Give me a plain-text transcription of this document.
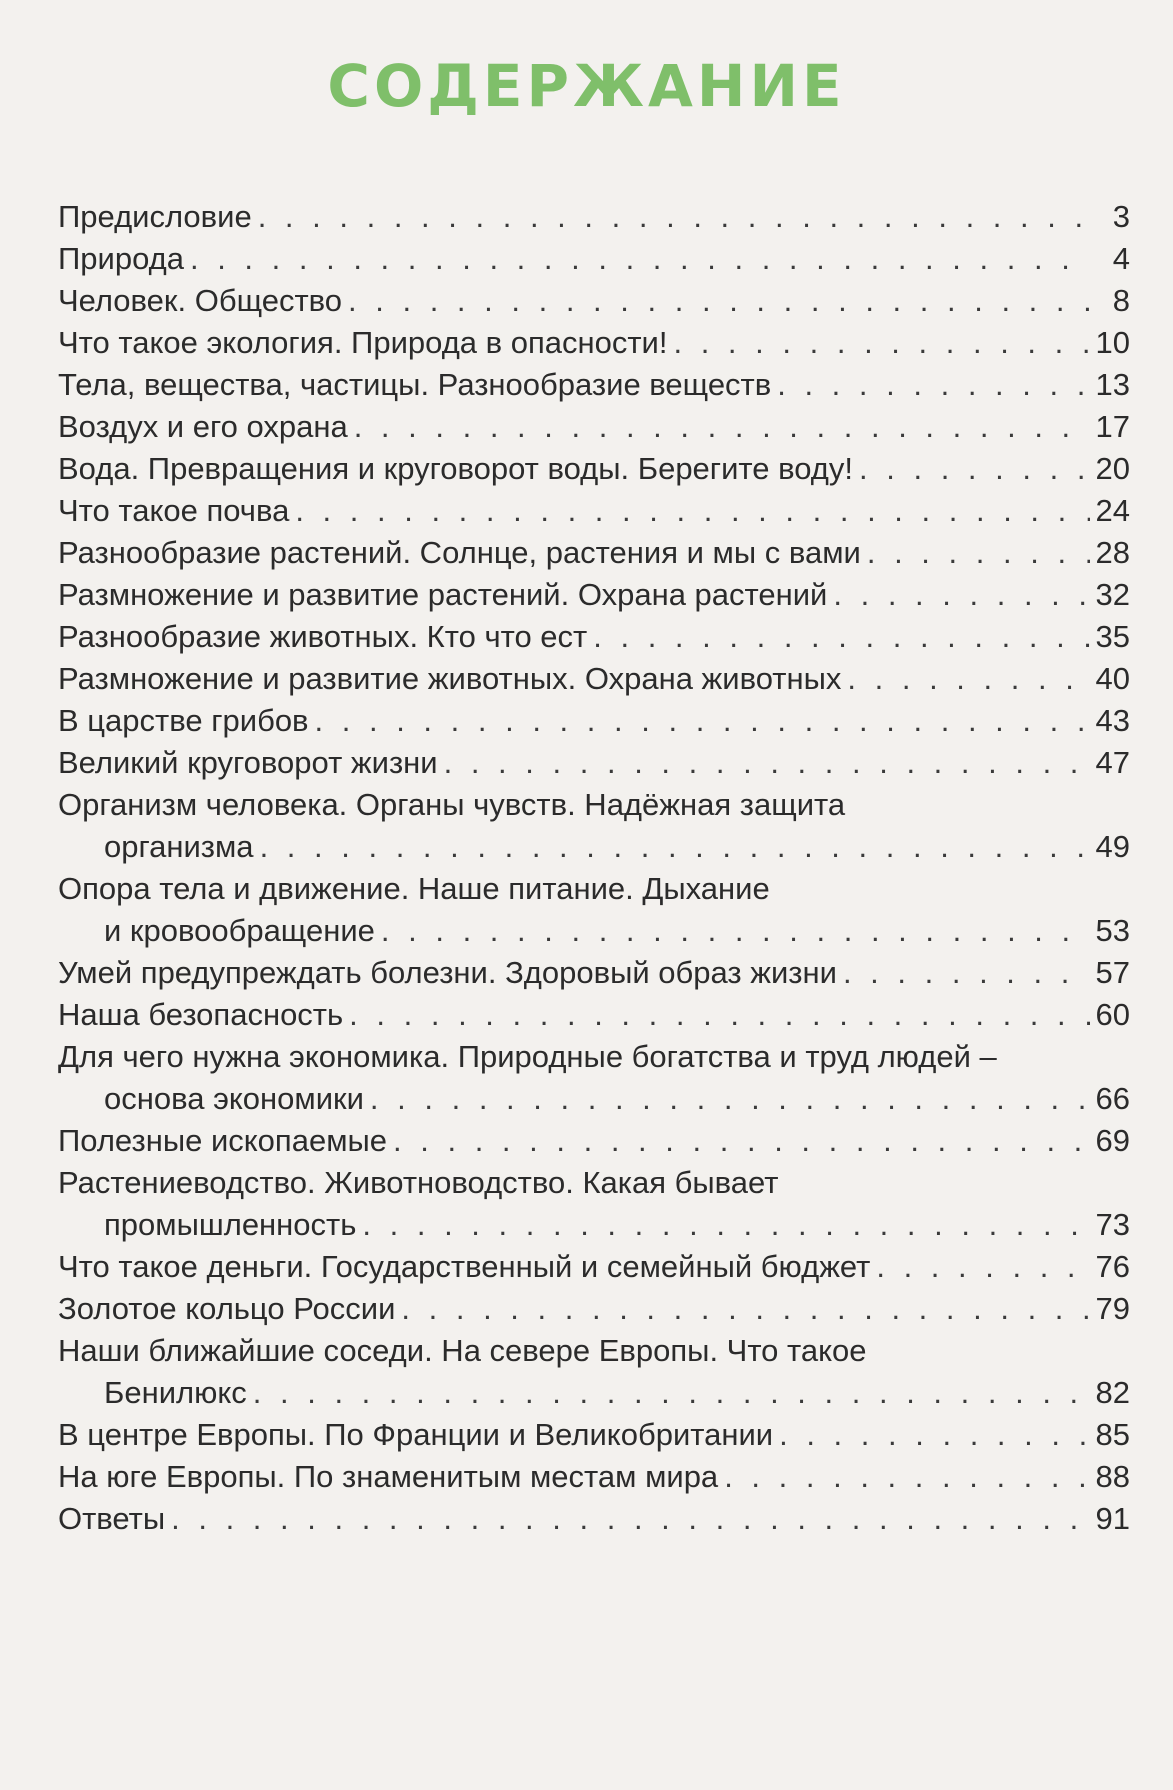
СОДЕРЖАНИЕ
Предисловие . . .	3
Природа . . .	4
Человек. Общество . . .	8
Что такое экология. Природа в опасности! . . .	10
Тела, вещества, частицы. Разнообразие веществ . . .	13
Воздух и его охрана . . .	17
Вода. Превращения и круговорот воды. Берегите воду! . . .	20
Что такое почва . . .	24
Разнообразие растений. Солнце, растения и мы с вами . . .	28
Размножение и развитие растений. Охрана растений . . .	32
Разнообразие животных. Кто что ест . . .	35
Размножение и развитие животных. Охрана животных . . .	40
В царстве грибов . . .	43
Великий круговорот жизни . . .	47
Организм человека. Органы чувств. Надёжная защита
организма . . .	49
Опора тела и движение. Наше питание. Дыхание
и кровообращение . . .	53
Умей предупреждать болезни. Здоровый образ жизни . . .	57
Наша безопасность . . .	60
Для чего нужна экономика. Природные богатства и труд людей –
основа экономики . . .	66
Полезные ископаемые . . .	69
Растениеводство. Животноводство. Какая бывает
промышленность . . .	73
Что такое деньги. Государственный и семейный бюджет . . .	76
Золотое кольцо России . . .	79
Наши ближайшие соседи. На севере Европы. Что такое
Бенилюкс . . .	82
В центре Европы. По Франции и Великобритании . . .	85
На юге Европы. По знаменитым местам мира . . .	88
Ответы . . .	91
